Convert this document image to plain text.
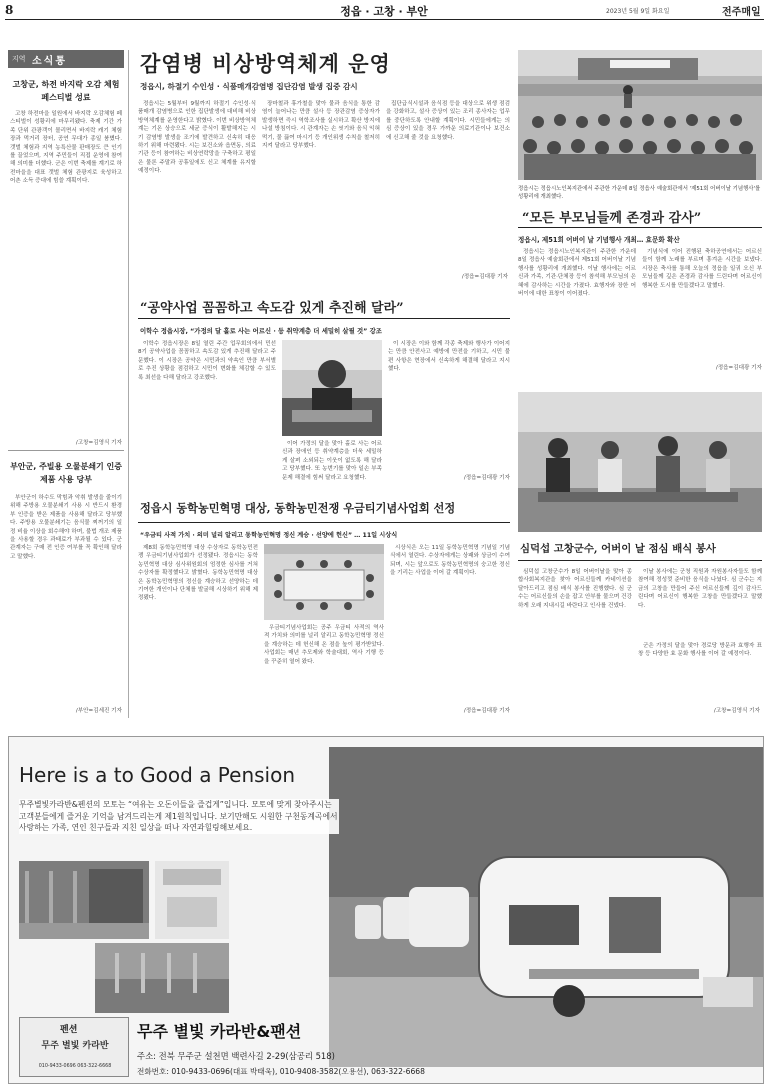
8	정읍 · 고창 · 부안	2023년 5월 9일 화요일	전주매일
지역 소식통
고창군, 하전 바지락 오감 체험 페스티벌 성료

고창 하전마을 일원에서 바지락 오감체험 페스티벌이 성황리에 마무리됐다. 축제 기간 가족 단위 관광객이 몰리면서 바지락 캐기 체험장과 먹거리 장터, 공연 무대가 종일 붐볐다. 갯벌 체험과 지역 농특산물 판매장도 큰 인기를 끌었으며, 지역 주민들이 직접 운영에 참여해 의미를 더했다. 군은 이번 축제를 계기로 하전마을을 대표 갯벌 체험 관광지로 육성하고 어촌 소득 증대에 힘쓸 계획이다.

/고창=김영식 기자
부안군, 주빌용 오물분쇄기 인증제품 사용 당부

부안군이 하수도 막힘과 악취 발생을 줄이기 위해 주방용 오물분쇄기 사용 시 반드시 환경부 인증을 받은 제품을 사용해 달라고 당부했다. 주방용 오물분쇄기는 음식물 찌꺼기의 일정 비율 이상을 회수해야 하며, 불법 개조 제품을 사용할 경우 과태료가 부과될 수 있다. 군 관계자는 구매 전 인증 여부를 꼭 확인해 달라고 말했다.

/부안=김세진 기자
감염병 비상방역체계 운영
정읍시, 하절기 수인성 · 식품매개감염병 집단감염 발생 집중 감시

정읍시는 5월부터 9월까지 하절기 수인성·식품매개 감염병으로 인한 집단발생에 대비해 비상방역체계를 운영한다고 밝혔다. 이번 비상방역체계는 기온 상승으로 세균 증식이 활발해지는 시기 감염병 발생을 조기에 발견하고 신속히 대응하기 위해 마련됐다. 시는 보건소와 읍면동, 의료기관 등이 참여하는 비상연락망을 구축하고 평일은 물론 주말과 공휴일에도 신고 체계를 유지할 예정이다.

장마철과 휴가철을 맞아 물과 음식을 통한 감염이 늘어나는 만큼 설사 등 장관감염 증상자가 발생하면 즉시 역학조사를 실시하고 확산 방지에 나설 방침이다. 시 관계자는 손 씻기와 음식 익혀 먹기, 물 끓여 마시기 등 개인위생 수칙을 철저히 지켜 달라고 당부했다.

집단급식시설과 음식점 등을 대상으로 위생 점검을 강화하고, 설사 증상이 있는 조리 종사자는 업무를 중단하도록 안내할 계획이다. 시민들에게는 의심 증상이 있을 경우 가까운 의료기관이나 보건소에 신고해 줄 것을 요청했다.

/정읍=김대광 기자
정읍시는 정읍시노인복지관에서 주관한 가운데 8일 정읍사 예술회관에서 '제51회 어버이날 기념행사'를 성황리에 개최했다.
“모든 부모님들께 존경과 감사”
정읍시, 제51회 어버이 날 기념행사 개최… 효문화 확산

정읍시는 정읍시노인복지관이 주관한 가운데 8일 정읍사 예술회관에서 제51회 어버이날 기념행사를 성황리에 개최했다. 이날 행사에는 어르신과 가족, 기관·단체장 등이 참석해 부모님의 은혜에 감사하는 시간을 가졌다. 효행자와 장한 어버이에 대한 표창이 이어졌다.

기념식에 이어 진행된 축하공연에서는 어르신들이 함께 노래를 부르며 흥겨운 시간을 보냈다. 시장은 축사를 통해 오늘의 정읍을 일궈 오신 부모님들께 깊은 존경과 감사를 드린다며 어르신이 행복한 도시를 만들겠다고 말했다.

/정읍=김대광 기자
“공약사업 꼼꼼하고 속도감 있게 추진해 달라”
이학수 정읍시장, “가정의 달 홀로 사는 어르신 · 등 취약계층 더 세밀히 살필 것” 강조

이학수 정읍시장은 8일 열린 주간 업무회의에서 민선 8기 공약사업을 꼼꼼하고 속도감 있게 추진해 달라고 주문했다. 이 시장은 공약은 시민과의 약속인 만큼 부서별로 추진 상황을 점검하고 시민이 변화를 체감할 수 있도록 최선을 다해 달라고 강조했다.

이어 가정의 달을 맞아 홀로 사는 어르신과 장애인 등 취약계층을 더욱 세밀하게 살펴 소외되는 이웃이 없도록 해 달라고 당부했다. 또 농번기를 맞아 일손 부족 문제 해결에 힘써 달라고 요청했다.

이 시장은 이와 함께 각종 축제와 행사가 이어지는 만큼 안전사고 예방에 만전을 기하고, 시민 불편 사항은 현장에서 신속하게 해결해 달라고 지시했다.

/정읍=김대광 기자
정읍시 동학농민혁명 대상, 동학농민전쟁 우금티기념사업회 선정
“우금티 사적 가치 · 의미 널리 알리고 동학농민혁명 정신 계승 · 선양에 헌신” … 11일 시상식

제8회 동학농민혁명 대상 수상자로 동학농민전쟁 우금티기념사업회가 선정됐다. 정읍시는 동학농민혁명 대상 심사위원회의 엄정한 심사를 거쳐 수상자를 확정했다고 밝혔다. 동학농민혁명 대상은 동학농민혁명의 정신을 계승하고 선양하는 데 기여한 개인이나 단체를 발굴해 시상하기 위해 제정됐다.

우금티기념사업회는 공주 우금티 사적의 역사적 가치와 의미를 널리 알리고 동학농민혁명 정신을 계승하는 데 헌신해 온 점을 높이 평가받았다. 사업회는 매년 추모제와 학술대회, 역사 기행 등을 꾸준히 열어 왔다.

시상식은 오는 11일 동학농민혁명 기념일 기념식에서 열린다. 수상자에게는 상패와 상금이 수여되며, 시는 앞으로도 동학농민혁명의 숭고한 정신을 기리는 사업을 이어 갈 계획이다.

/정읍=김대광 기자
심덕섭 고창군수, 어버이 날 점심 배식 봉사

심덕섭 고창군수가 8일 어버이날을 맞아 종합사회복지관을 찾아 어르신들께 카네이션을 달아드리고 점심 배식 봉사를 진행했다. 심 군수는 어르신들의 손을 잡고 안부를 물으며 건강하게 오래 지내시길 바란다고 인사를 건넸다.

이날 봉사에는 군청 직원과 자원봉사자들도 함께 참여해 정성껏 준비한 음식을 나눴다. 심 군수는 지금의 고창을 만들어 주신 어르신들께 깊이 감사드린다며 어르신이 행복한 고창을 만들겠다고 말했다.

군은 가정의 달을 맞아 경로당 방문과 효행자 표창 등 다양한 효 문화 행사를 이어 갈 예정이다.

/고창=김영식 기자
Here is a to Good a Pension
무주별빛카라반&펜션의 모토는 “여유는 오돈이들을 즐겁게”입니다. 모토에 맞게 찾아주시는 고객분들에게 즐거운 기억을 남겨드리는게 제1원칙입니다. 보기만해도 시원한 구천동계곡에서 사랑하는 가족, 연인 친구들과 지친 일상을 떠나 자연과힐링해보세요.
펜션
무주 별빛 카라반
010-9433-0696 063-322-6668
무주 별빛 카라반&팬션
주소: 전북 무주군 설천면 백련사길 2-29(삼공리 518)
전화번호: 010-9433-0696(대표 박태욱), 010-9408-3582(오용선), 063-322-6668
